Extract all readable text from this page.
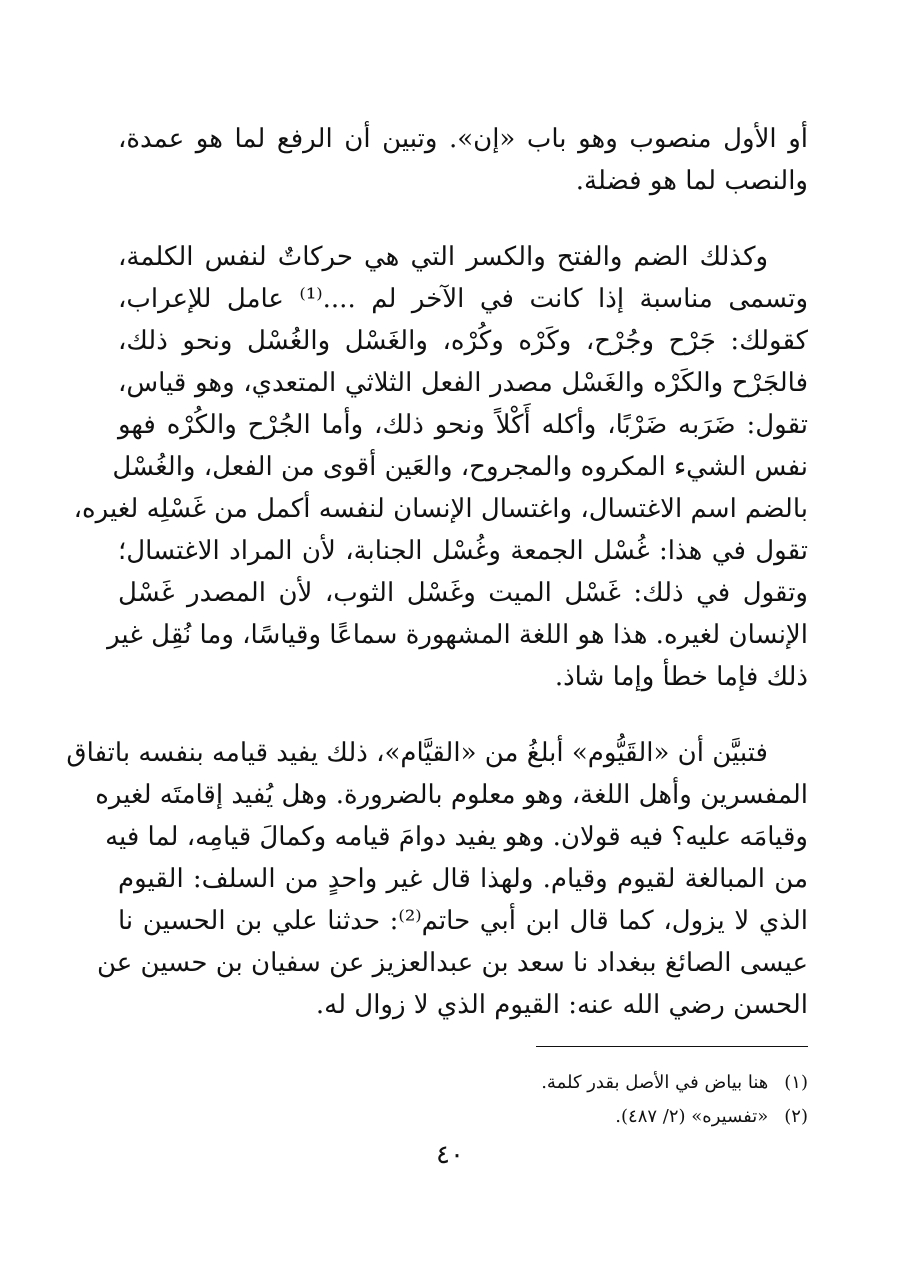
أو الأول منصوب وهو باب «إن». وتبين أن الرفع لما هو عمدة،
والنصب لما هو فضلة.

وكذلك الضم والفتح والكسر التي هي حركاتٌ لنفس الكلمة،
وتسمى مناسبة إذا كانت في الآخر لم ....⁽¹⁾ عامل للإعراب،
كقولك: جَرْح وجُرْح، وكَرْه وكُرْه، والغَسْل والغُسْل ونحو ذلك،
فالجَرْح والكَرْه والغَسْل مصدر الفعل الثلاثي المتعدي، وهو قياس،
تقول: ضَرَبه ضَرْبًا، وأكله أَكْلاً ونحو ذلك، وأما الجُرْح والكُرْه فهو
نفس الشيء المكروه والمجروح، والعَين أقوى من الفعل، والغُسْل
بالضم اسم الاغتسال، واغتسال الإنسان لنفسه أكمل من غَسْلِه لغيره،
تقول في هذا: غُسْل الجمعة وغُسْل الجنابة، لأن المراد الاغتسال؛
وتقول في ذلك: غَسْل الميت وغَسْل الثوب، لأن المصدر غَسْل
الإنسان لغيره. هذا هو اللغة المشهورة سماعًا وقياسًا، وما نُقِل غير
ذلك فإما خطأ وإما شاذ.

فتبيَّن أن «القَيُّوم» أبلغُ من «القيَّام»، ذلك يفيد قيامه بنفسه باتفاق
المفسرين وأهل اللغة، وهو معلوم بالضرورة. وهل يُفيد إقامتَه لغيره
وقيامَه عليه؟ فيه قولان. وهو يفيد دوامَ قيامه وكمالَ قيامِه، لما فيه
من المبالغة لقيوم وقيام. ولهذا قال غير واحدٍ من السلف: القيوم
الذي لا يزول، كما قال ابن أبي حاتم⁽²⁾: حدثنا علي بن الحسين نا
عيسى الصائغ ببغداد نا سعد بن عبدالعزيز عن سفيان بن حسين عن
الحسن رضي الله عنه: القيوم الذي لا زوال له.

(١) هنا بياض في الأصل بقدر كلمة.
(٢) «تفسيره» (٢/ ٤٨٧).
٤٠
